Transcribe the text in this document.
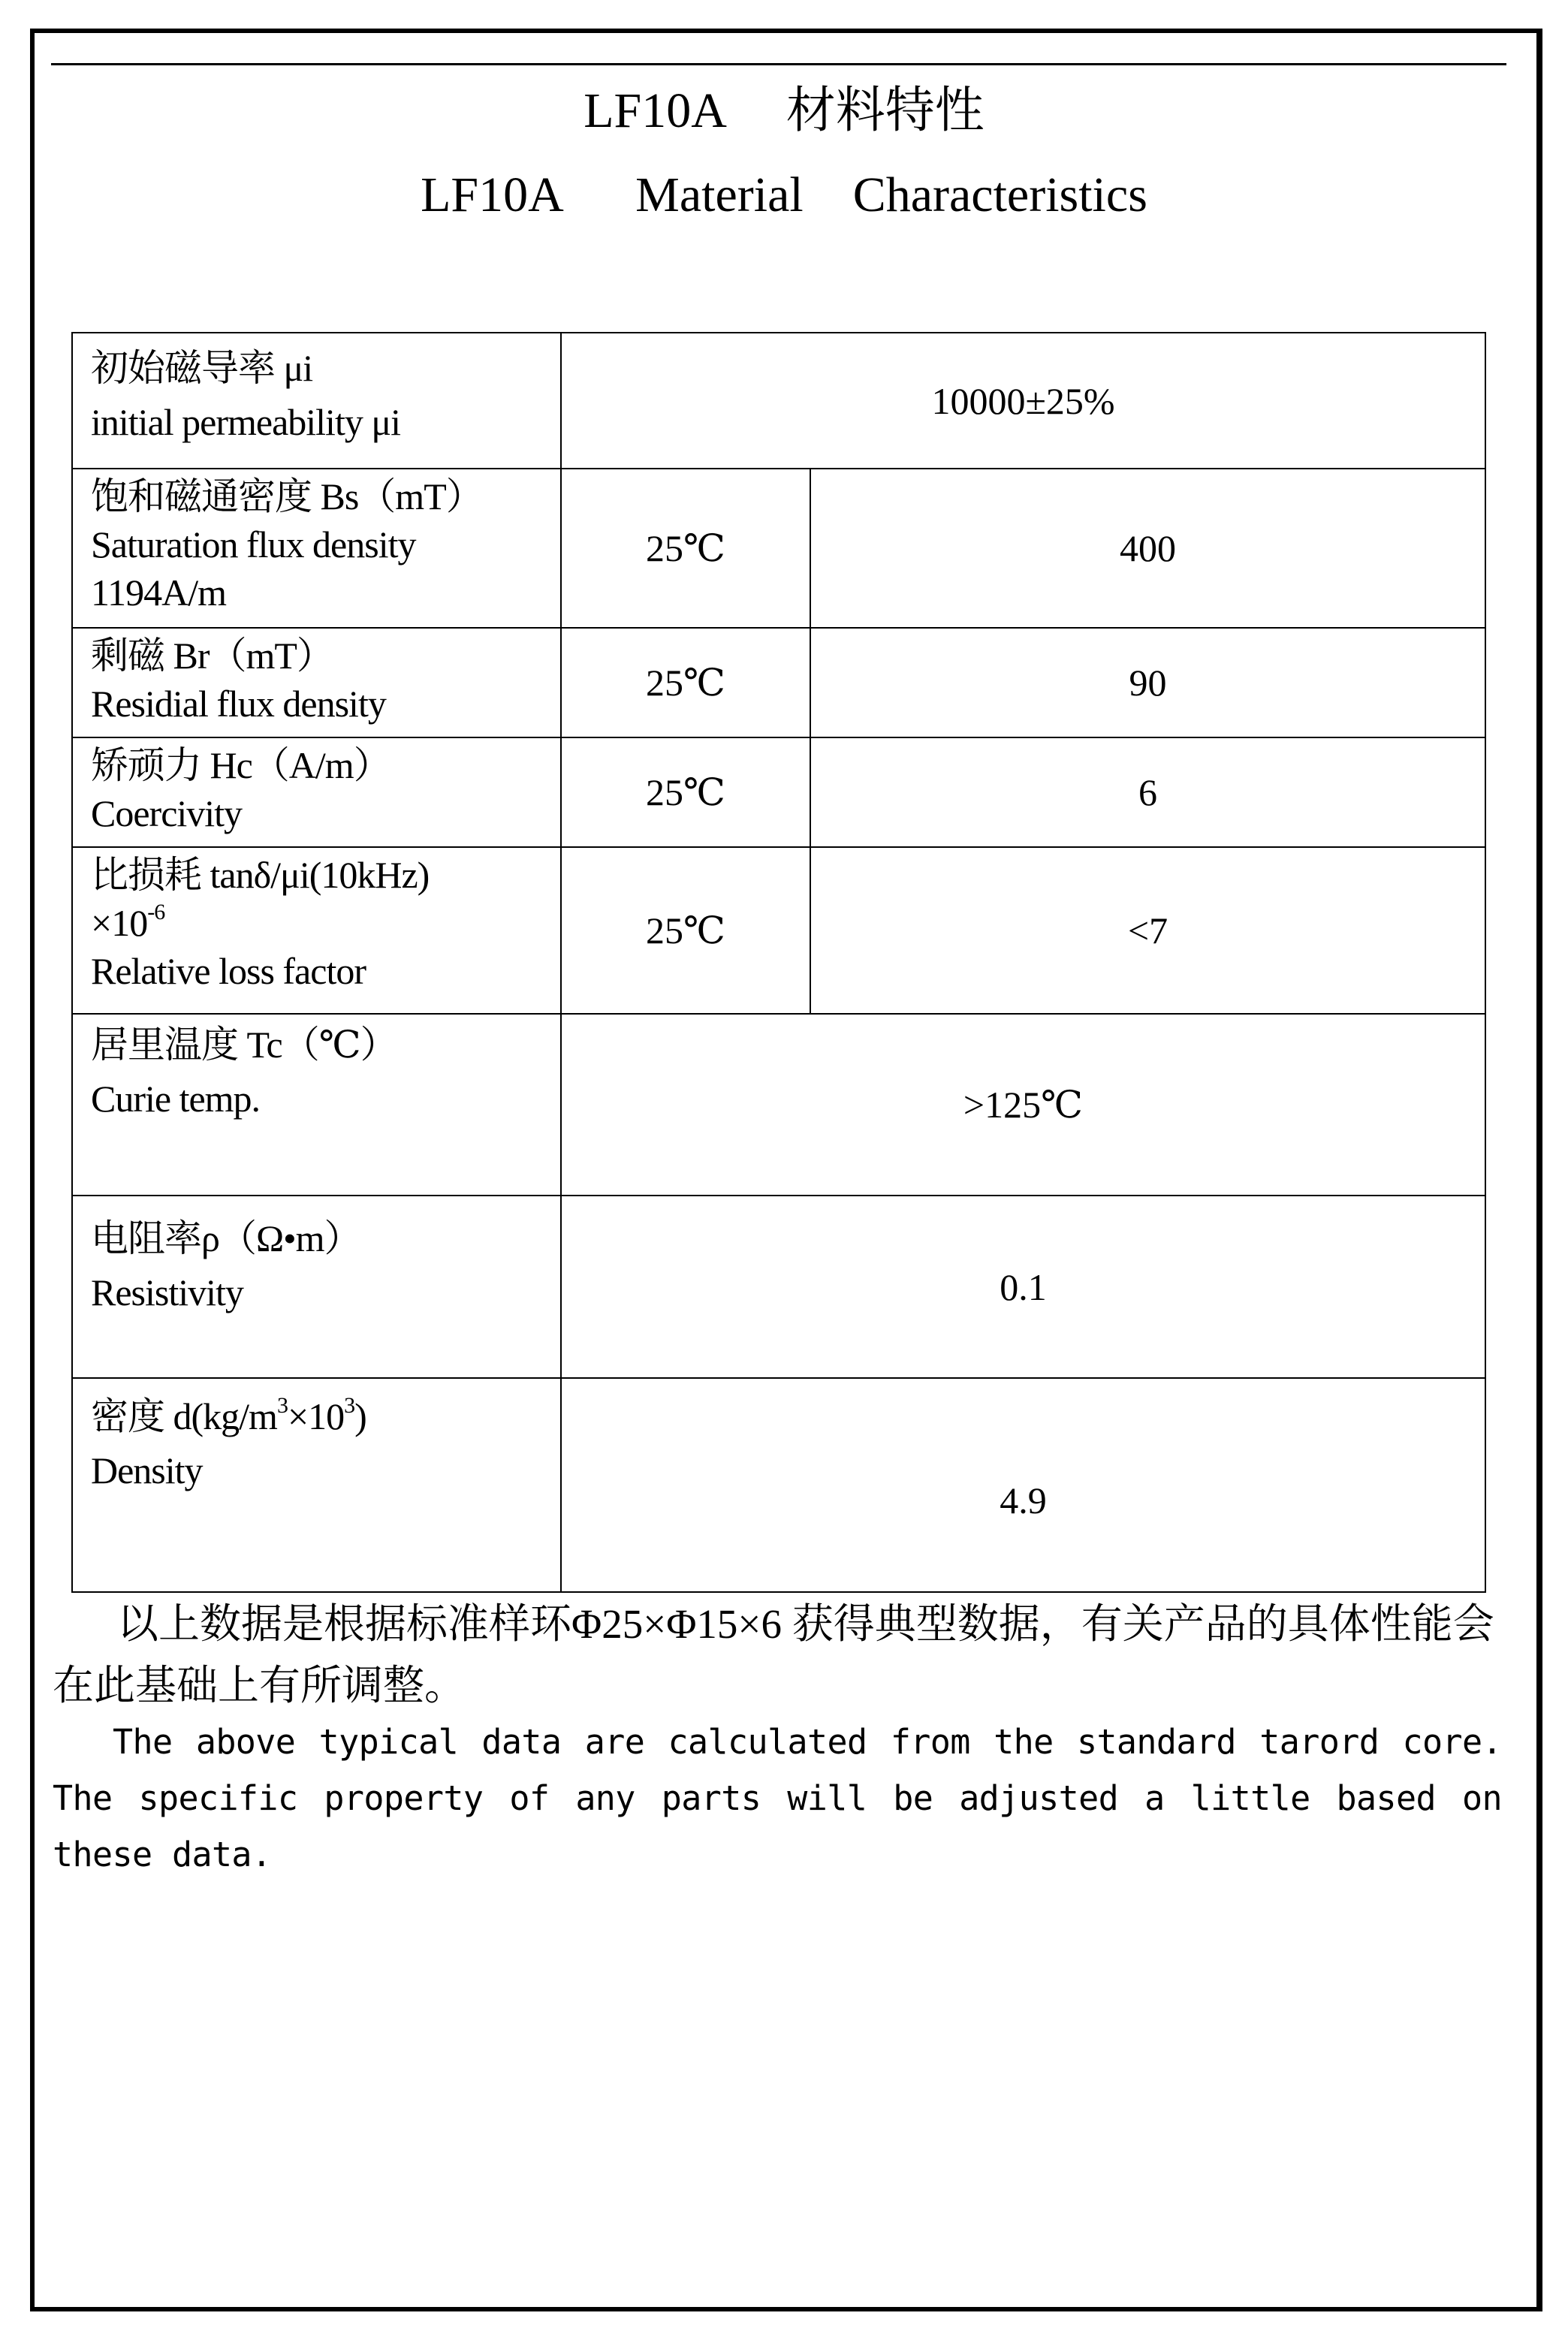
LF10A     材料特性
LF10A      Material    Characteristics
初始磁导率 μi
initial permeability μi	10000±25%	

饱和磁通密度 Bs（mT）
Saturation flux density
1194A/m	25℃	400

剩磁 Br（mT）
Residial flux density	25℃	90

矫顽力 Hc（A/m）
Coercivity	25℃	6

比损耗 tanδ/μi(10kHz)
$\times 10^{-6}$
Relative loss factor	25℃	<7

居里温度 Tc（℃）
Curie temp.	>125℃	

电阻率ρ（Ω•m）
Resistivity	0.1	

密度 $d(kg/m^3\times 10^3)$
Density	4.9	

以上数据是根据标准样环Φ25×Φ15×6 获得典型数据，有关产品的具体性能会在此基础上有所调整。

The above typical data are calculated from the standard tarord core. The specific property of any parts will be adjusted a little based on these data.
